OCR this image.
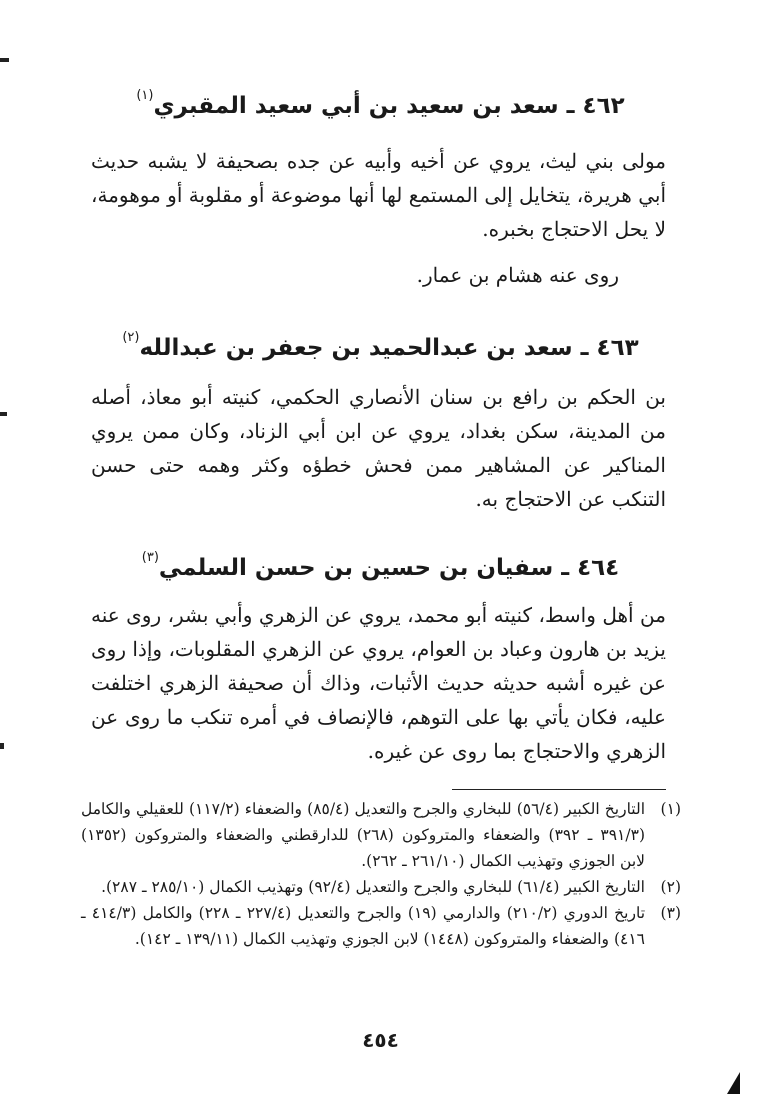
٤٦٢ ـ سعد بن سعيد بن أبي سعيد المقبري$^{(١)}$
مولى بني ليث، يروي عن أخيه وأبيه عن جده بصحيفة لا يشبه حديث أبي هريرة، يتخايل إلى المستمع لها أنها موضوعة أو مقلوبة أو موهومة، لا يحل الاحتجاج بخبره.
روى عنه هشام بن عمار.
٤٦٣ ـ سعد بن عبدالحميد بن جعفر بن عبدالله$^{(٢)}$
بن الحكم بن رافع بن سنان الأنصاري الحكمي، كنيته أبو معاذ، أصله من المدينة، سكن بغداد، يروي عن ابن أبي الزناد، وكان ممن يروي المناكير عن المشاهير ممن فحش خطؤه وكثر وهمه حتى حسن التنكب عن الاحتجاج به.
٤٦٤ ـ سفيان بن حسين بن حسن السلمي$^{(٣)}$
من أهل واسط، كنيته أبو محمد، يروي عن الزهري وأبي بشر، روى عنه يزيد بن هارون وعباد بن العوام، يروي عن الزهري المقلوبات، وإذا روى عن غيره أشبه حديثه حديث الأثبات، وذاك أن صحيفة الزهري اختلفت عليه، فكان يأتي بها على التوهم، فالإنصاف في أمره تنكب ما روى عن الزهري والاحتجاج بما روى عن غيره.
(١)
التاريخ الكبير (٥٦/٤) للبخاري والجرح والتعديل (٨٥/٤) والضعفاء (١١٧/٢) للعقيلي والكامل (٣٩١/٣ ـ ٣٩٢) والضعفاء والمتروكون (٢٦٨) للدارقطني والضعفاء والمتروكون (١٣٥٢) لابن الجوزي وتهذيب الكمال (٢٦١/١٠ ـ ٢٦٢).
(٢)
التاريخ الكبير (٦١/٤) للبخاري والجرح والتعديل (٩٢/٤) وتهذيب الكمال (٢٨٥/١٠ ـ ٢٨٧).
(٣)
تاريخ الدوري (٢١٠/٢) والدارمي (١٩) والجرح والتعديل (٢٢٧/٤ ـ ٢٢٨) والكامل (٤١٤/٣ ـ ٤١٦) والضعفاء والمتروكون (١٤٤٨) لابن الجوزي وتهذيب الكمال (١٣٩/١١ ـ ١٤٢).
٤٥٤
